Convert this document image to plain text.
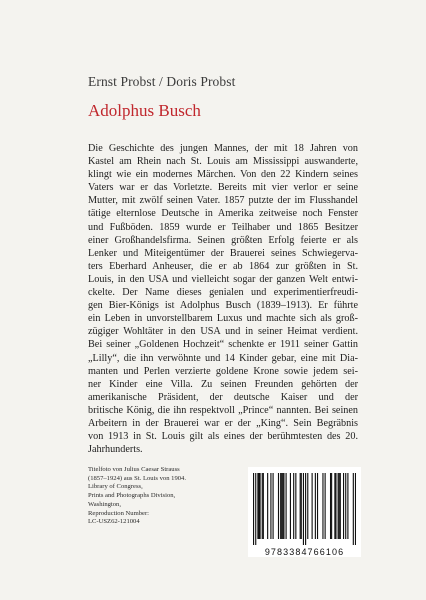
Ernst Probst / Doris Probst
Adolphus Busch
Die Geschichte des jungen Mannes, der mit 18 Jahren von
Kastel am Rhein nach St. Louis am Mississippi auswanderte,
klingt wie ein modernes Märchen. Von den 22 Kindern seines
Vaters war er das Vorletzte. Bereits mit vier verlor er seine
Mutter, mit zwölf seinen Vater. 1857 putzte der im Flusshandel
tätige elternlose Deutsche in Amerika zeitweise noch Fenster
und Fußböden. 1859 wurde er Teilhaber und 1865 Besitzer
einer Großhandelsfirma. Seinen größten Erfolg feierte er als
Lenker und Miteigentümer der Brauerei seines Schwiegerva-
ters Eberhard Anheuser, die er ab 1864 zur größten in St.
Louis, in den USA und vielleicht sogar der ganzen Welt entwi-
ckelte. Der Name dieses genialen und experimentierfreudi-
gen Bier-Königs ist Adolphus Busch (1839–1913). Er führte
ein Leben in unvorstellbarem Luxus und machte sich als groß-
zügiger Wohltäter in den USA und in seiner Heimat verdient.
Bei seiner „Goldenen Hochzeit“ schenkte er 1911 seiner Gattin
„Lilly“, die ihn verwöhnte und 14 Kinder gebar, eine mit Dia-
manten und Perlen verzierte goldene Krone sowie jedem sei-
ner Kinder eine Villa. Zu seinen Freunden gehörten der
amerikanische Präsident, der deutsche Kaiser und der
britische König, die ihn respektvoll „Prince“ nannten. Bei seinen
Arbeitern in der Brauerei war er der „King“. Sein Begräbnis
von 1913 in St. Louis gilt als eines der berühmtesten des 20.
Jahrhunderts.
Titelfoto von Julius Caesar Strauss
(1857–1924) aus St. Louis von 1904.
Library of Congress,
Prints and Photographs Division,
Washington,
Reproduction Number:
LC-USZ62-121004
9783384766106
